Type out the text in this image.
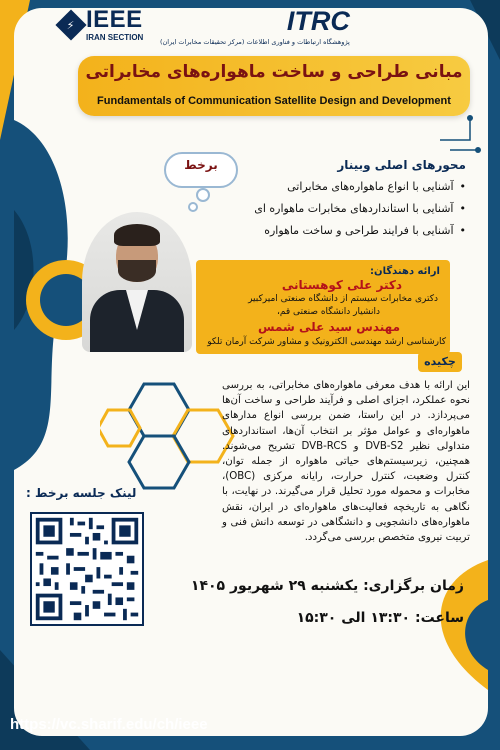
⚡ IEEE
IRAN SECTION
ITRC
پژوهشگاه ارتباطات و فناوری اطلاعات (مرکز تحقیقات مخابرات ایران)
مبانی طراحی و ساخت ماهواره‌های مخابراتی
Fundamentals of Communication Satellite Design and Development
برخط	محورهای اصلی وبینار
• آشنایی با انواع ماهواره‌های مخابراتی
• آشنایی با استانداردهای مخابرات ماهواره ای
• آشنایی با فرایند طراحی و ساخت ماهواره
ارائه دهندگان:
دکتر علی کوهستانی
دکتری مخابرات سیستم از دانشگاه صنعتی امیرکبیر
دانشیار دانشگاه صنعتی قم،
مهندس سید علی شمس
کارشناسی ارشد مهندسی الکترونیک و مشاور شرکت آرمان تلکو
چکیده
این ارائه با هدف معرفی ماهواره‌های مخابراتی، به بررسی نحوه عملکرد، اجزای اصلی و فرآیند طراحی و ساخت آن‌ها می‌پردازد. در این راستا، ضمن بررسی انواع مدارهای ماهواره‌ای و عوامل مؤثر بر انتخاب آن‌ها، استانداردهای متداولی نظیر DVB-S2 و DVB-RCS تشریح می‌شوند. همچنین، زیرسیستم‌های حیاتی ماهواره از جمله توان، کنترل وضعیت، کنترل حرارت، رایانه مرکزی (OBC)، مخابرات و محموله مورد تحلیل قرار می‌گیرند. در نهایت، با نگاهی به تاریخچه فعالیت‌های ماهواره‌ای در ایران، نقش ماهواره‌های دانشجویی و دانشگاهی در توسعه دانش فنی و تربیت نیروی متخصص بررسی می‌گردد.
لینک جلسه برخط :
زمان برگزاری: یکشنبه ۲۹ شهریور ۱۴۰۵
ساعت: ۱۳:۳۰ الی ۱۵:۳۰
https://vc.sharif.edu/ch/ieee
